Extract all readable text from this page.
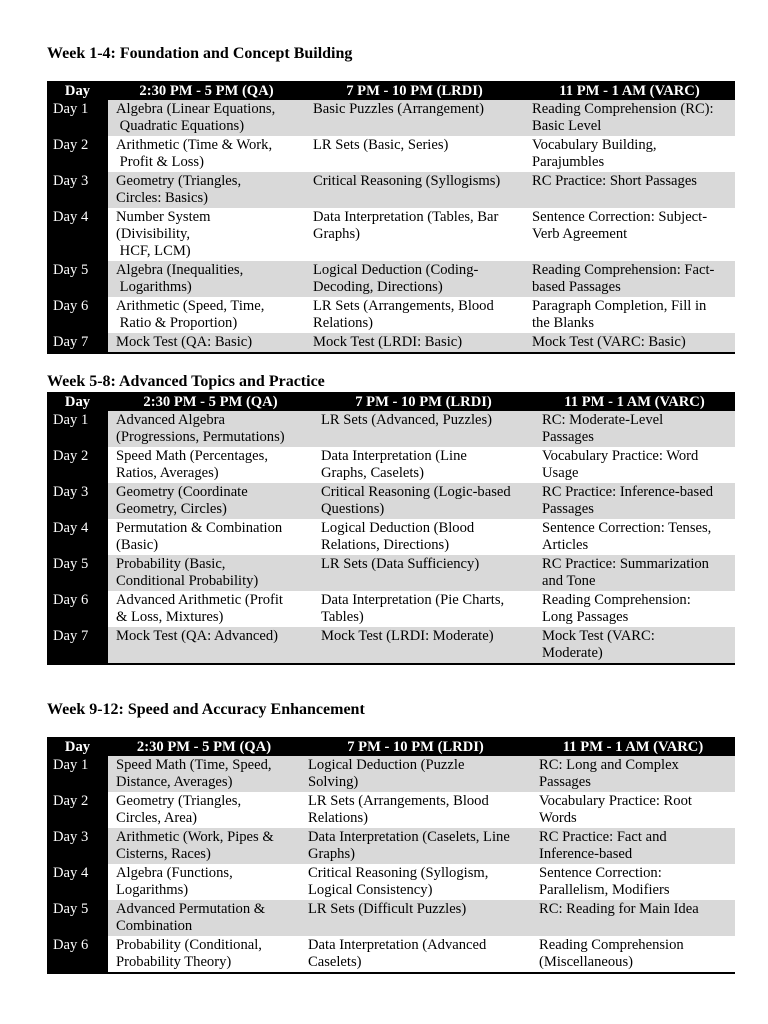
Week 1-4: Foundation and Concept Building
Day	2:30 PM - 5 PM (QA)	7 PM - 10 PM (LRDI)	11 PM - 1 AM (VARC)
Day 1	Algebra (Linear Equations,
Quadratic Equations)	Basic Puzzles (Arrangement)	Reading Comprehension (RC):
Basic Level
Day 2	Arithmetic (Time & Work,
Profit & Loss)	LR Sets (Basic, Series)	Vocabulary Building,
Parajumbles
Day 3	Geometry (Triangles,
Circles: Basics)	Critical Reasoning (Syllogisms)	RC Practice: Short Passages
Day 4	Number System
(Divisibility,
HCF, LCM)	Data Interpretation (Tables, Bar
Graphs)	Sentence Correction: Subject-
Verb Agreement
Day 5	Algebra (Inequalities,
Logarithms)	Logical Deduction (Coding-
Decoding, Directions)	Reading Comprehension: Fact-
based Passages
Day 6	Arithmetic (Speed, Time,
Ratio & Proportion)	LR Sets (Arrangements, Blood
Relations)	Paragraph Completion, Fill in
the Blanks
Day 7	Mock Test (QA: Basic)	Mock Test (LRDI: Basic)	Mock Test (VARC: Basic)
Week 5-8: Advanced Topics and Practice
Day	2:30 PM - 5 PM (QA)	7 PM - 10 PM (LRDI)	11 PM - 1 AM (VARC)
Day 1	Advanced Algebra
(Progressions, Permutations)	LR Sets (Advanced, Puzzles)	RC: Moderate-Level
Passages
Day 2	Speed Math (Percentages,
Ratios, Averages)	Data Interpretation (Line
Graphs, Caselets)	Vocabulary Practice: Word
Usage
Day 3	Geometry (Coordinate
Geometry, Circles)	Critical Reasoning (Logic-based
Questions)	RC Practice: Inference-based
Passages
Day 4	Permutation & Combination
(Basic)	Logical Deduction (Blood
Relations, Directions)	Sentence Correction: Tenses,
Articles
Day 5	Probability (Basic,
Conditional Probability)	LR Sets (Data Sufficiency)	RC Practice: Summarization
and Tone
Day 6	Advanced Arithmetic (Profit
& Loss, Mixtures)	Data Interpretation (Pie Charts,
Tables)	Reading Comprehension:
Long Passages
Day 7	Mock Test (QA: Advanced)	Mock Test (LRDI: Moderate)	Mock Test (VARC:
Moderate)
Week 9-12: Speed and Accuracy Enhancement
Day	2:30 PM - 5 PM (QA)	7 PM - 10 PM (LRDI)	11 PM - 1 AM (VARC)
Day 1	Speed Math (Time, Speed,
Distance, Averages)	Logical Deduction (Puzzle
Solving)	RC: Long and Complex
Passages
Day 2	Geometry (Triangles,
Circles, Area)	LR Sets (Arrangements, Blood
Relations)	Vocabulary Practice: Root
Words
Day 3	Arithmetic (Work, Pipes &
Cisterns, Races)	Data Interpretation (Caselets, Line
Graphs)	RC Practice: Fact and
Inference-based
Day 4	Algebra (Functions,
Logarithms)	Critical Reasoning (Syllogism,
Logical Consistency)	Sentence Correction:
Parallelism, Modifiers
Day 5	Advanced Permutation &
Combination	LR Sets (Difficult Puzzles)	RC: Reading for Main Idea
Day 6	Probability (Conditional,
Probability Theory)	Data Interpretation (Advanced
Caselets)	Reading Comprehension
(Miscellaneous)
